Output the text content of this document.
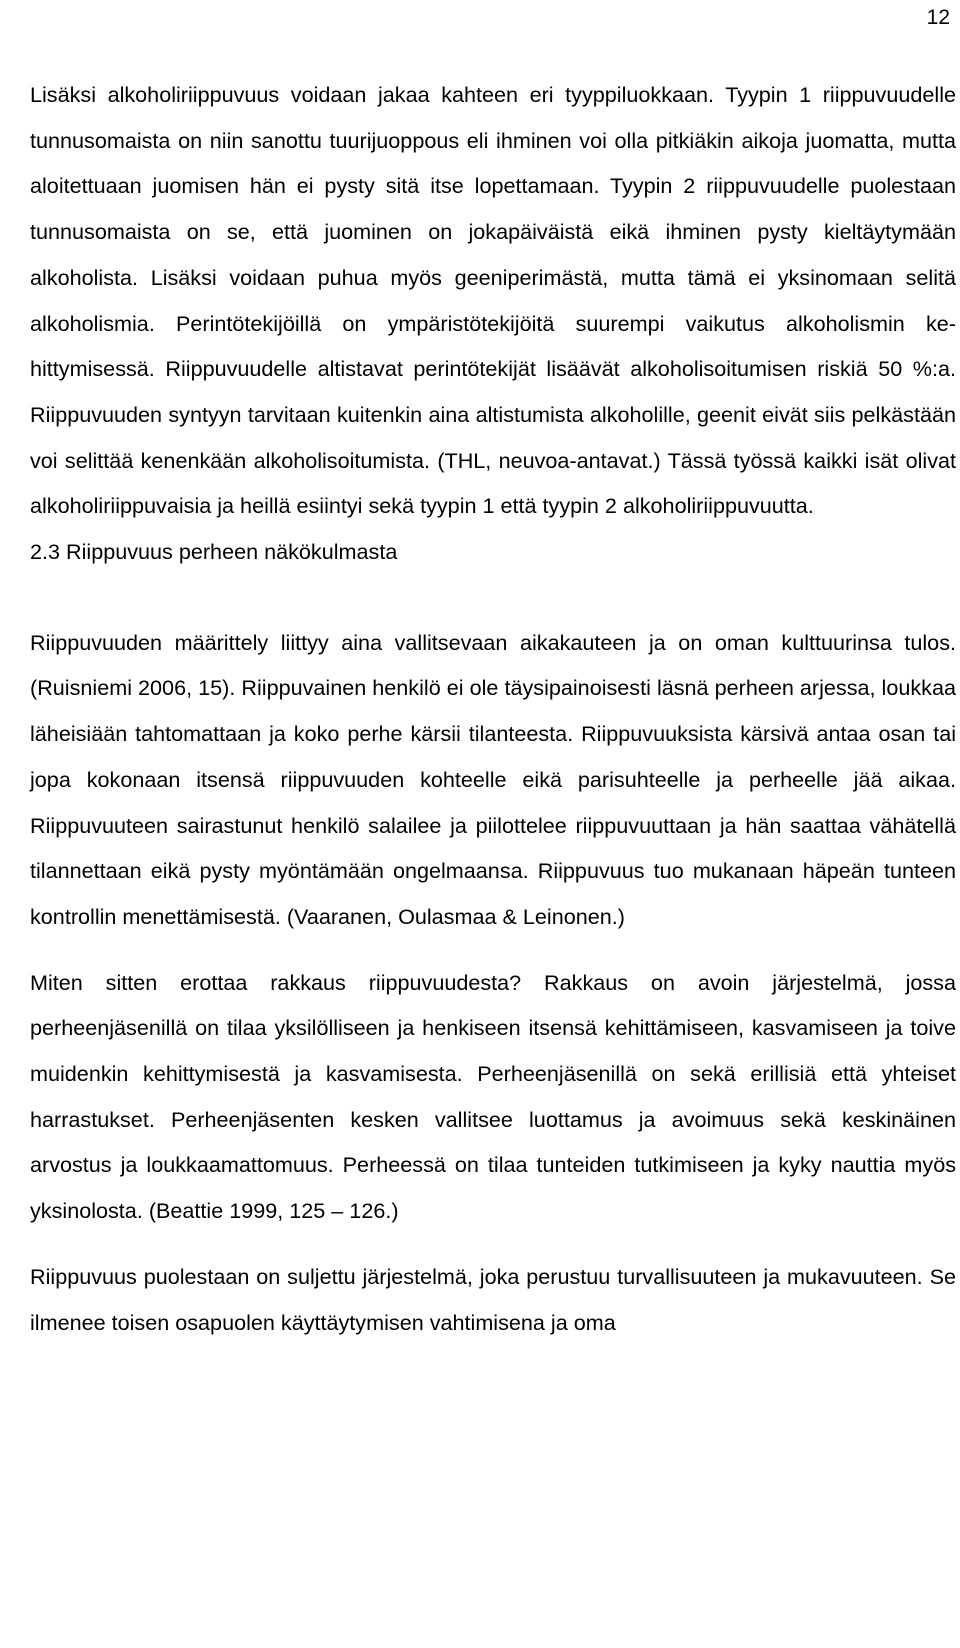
12

Lisäksi alkoholiriippuvuus voidaan jakaa kahteen eri tyyppiluokkaan. Tyypin 1 riippuvuudelle tunnusomaista on niin sanottu tuurijuoppous eli ihminen voi olla pitkiäkin aikoja juomatta, mutta aloitettuaan juomisen hän ei pysty sitä itse lopettamaan. Tyypin 2 riippuvuudelle puolestaan tunnusomaista on se, että juominen on jokapäiväistä eikä ihminen pysty kieltäytymään alkoholista. Lisäksi voidaan puhua myös geeniperimästä, mutta tämä ei yksinomaan selitä alkoholismia. Perintötekijöillä on ympäristötekijöitä suurempi vaikutus alkoholismin kehittymisessä. Riippuvuudelle altistavat perintötekijät lisäävät alkoholisoitumisen riskiä 50 %:a. Riippuvuuden syntyyn tarvitaan kuitenkin aina altistumista alkoholille, geenit eivät siis pelkästään voi selittää kenenkään alkoholisoitumista. (THL, neuvoa-antavat.) Tässä työssä kaikki isät olivat alkoholiriippuvaisia ja heillä esiintyi sekä tyypin 1 että tyypin 2 alkoholiriippuvuutta.

2.3 Riippuvuus perheen näkökulmasta

Riippuvuuden määrittely liittyy aina vallitsevaan aikakauteen ja on oman kulttuurinsa tulos. (Ruisniemi 2006, 15). Riippuvainen henkilö ei ole täysipainoisesti läsnä perheen arjessa, loukkaa läheisiään tahtomattaan ja koko perhe kärsii tilanteesta. Riippuvuuksista kärsivä antaa osan tai jopa kokonaan itsensä riippuvuuden kohteelle eikä parisuhteelle ja perheelle jää aikaa. Riippuvuuteen sairastunut henkilö salailee ja piilottelee riippuvuuttaan ja hän saattaa vähätellä tilannettaan eikä pysty myöntämään ongelmaansa. Riippuvuus tuo mukanaan häpeän tunteen kontrollin menettämisestä. (Vaaranen, Oulasmaa & Leinonen.)

Miten sitten erottaa rakkaus riippuvuudesta? Rakkaus on avoin järjestelmä, jossa perheenjäsenillä on tilaa yksilölliseen ja henkiseen itsensä kehittämiseen, kasvamiseen ja toive muidenkin kehittymisestä ja kasvamisesta. Perheenjäsenillä on sekä erillisiä että yhteiset harrastukset. Perheenjäsenten kesken vallitsee luottamus ja avoimuus sekä keskinäinen arvostus ja loukkaamattomuus. Perheessä on tilaa tunteiden tutkimiseen ja kyky nauttia myös yksinolosta. (Beattie 1999, 125 – 126.)

Riippuvuus puolestaan on suljettu järjestelmä, joka perustuu turvallisuuteen ja mukavuuteen. Se ilmenee toisen osapuolen käyttäytymisen vahtimisena ja oma
